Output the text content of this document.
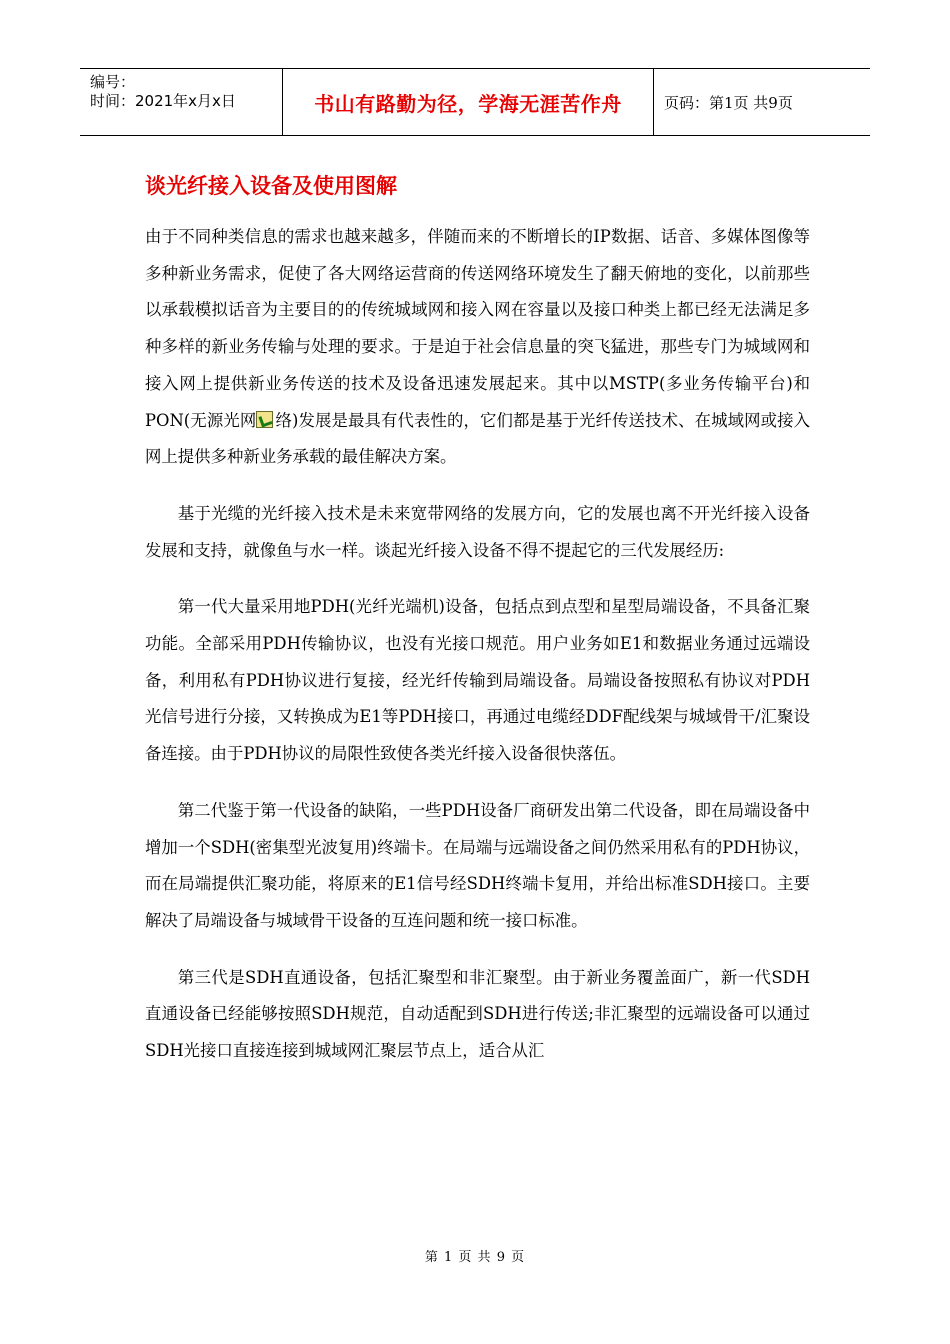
编号：
时间：2021年x月x日	书山有路勤为径，学海无涯苦作舟	页码：第1页 共9页
谈光纤接入设备及使用图解

由于不同种类信息的需求也越来越多，伴随而来的不断增长的IP数据、话音、多媒体图像等多种新业务需求，促使了各大网络运营商的传送网络环境发生了翻天俯地的变化，以前那些以承载模拟话音为主要目的的传统城域网和接入网在容量以及接口种类上都已经无法满足多种多样的新业务传输与处理的要求。于是迫于社会信息量的突飞猛进，那些专门为城域网和接入网上提供新业务传送的技术及设备迅速发展起来。其中以MSTP(多业务传输平台)和PON(无源光网 络)发展是最具有代表性的，它们都是基于光纤传送技术、在城域网或接入网上提供多种新业务承载的最佳解决方案。

基于光缆的光纤接入技术是未来宽带网络的发展方向，它的发展也离不开光纤接入设备发展和支持，就像鱼与水一样。谈起光纤接入设备不得不提起它的三代发展经历:

第一代大量采用地PDH(光纤光端机)设备，包括点到点型和星型局端设备，不具备汇聚功能。全部采用PDH传输协议，也没有光接口规范。用户业务如E1和数据业务通过远端设备，利用私有PDH协议进行复接，经光纤传输到局端设备。局端设备按照私有协议对PDH光信号进行分接，又转换成为E1等PDH接口，再通过电缆经DDF配线架与城域骨干/汇聚设备连接。由于PDH协议的局限性致使各类光纤接入设备很快落伍。

第二代鉴于第一代设备的缺陷，一些PDH设备厂商研发出第二代设备，即在局端设备中增加一个SDH(密集型光波复用)终端卡。在局端与远端设备之间仍然采用私有的PDH协议，而在局端提供汇聚功能，将原来的E1信号经SDH终端卡复用，并给出标准SDH接口。主要解决了局端设备与城域骨干设备的互连问题和统一接口标准。

第三代是SDH直通设备，包括汇聚型和非汇聚型。由于新业务覆盖面广，新一代SDH直通设备已经能够按照SDH规范，自动适配到SDH进行传送;非汇聚型的远端设备可以通过SDH光接口直接连接到城域网汇聚层节点上，适合从汇

第 1 页 共 9 页
